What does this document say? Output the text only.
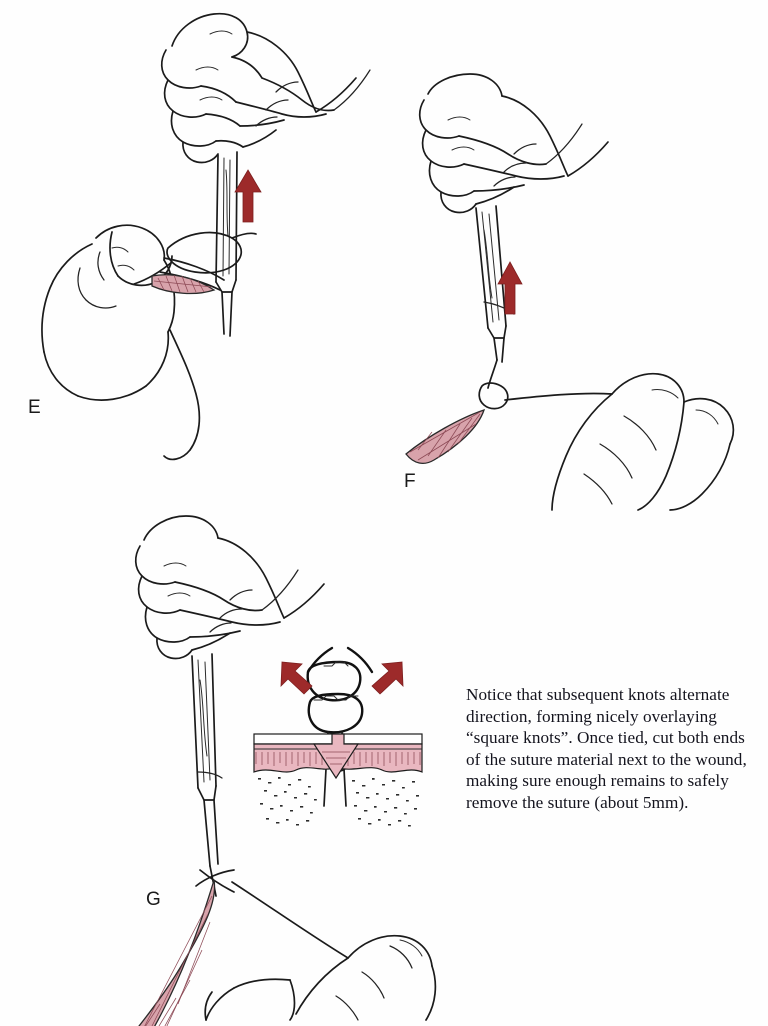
E
F
G
Notice that subsequent knots alternate
direction, forming nicely overlaying
“square knots”. Once tied, cut both ends
of the suture material next to the wound,
making sure enough remains to safely
remove the suture (about 5mm).
